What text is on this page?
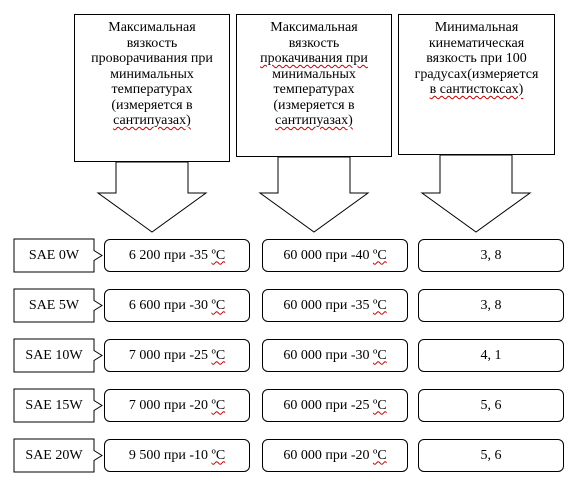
Максимальная
вязкость
проворачивания при
минимальных
температурах
(измеряется в
сантипуазах)
Максимальная
вязкость
прокачивания при
минимальных
температурах
(измеряется в
сантипуазах)
Минимальная
кинематическая
вязкость при 100
градусах(измеряется
в сантистоксах)
SAE 0W	6 200 при -35 ºС	60 000 при -40 ºС	3, 8
SAE 5W	6 600 при -30 ºС	60 000 при -35 ºС	3, 8
SAE 10W	7 000 при -25 ºС	60 000 при -30 ºС	4, 1
SAE 15W	7 000 при -20 ºС	60 000 при -25 ºС	5, 6
SAE 20W	9 500 при -10 ºС	60 000 при -20 ºС	5, 6
